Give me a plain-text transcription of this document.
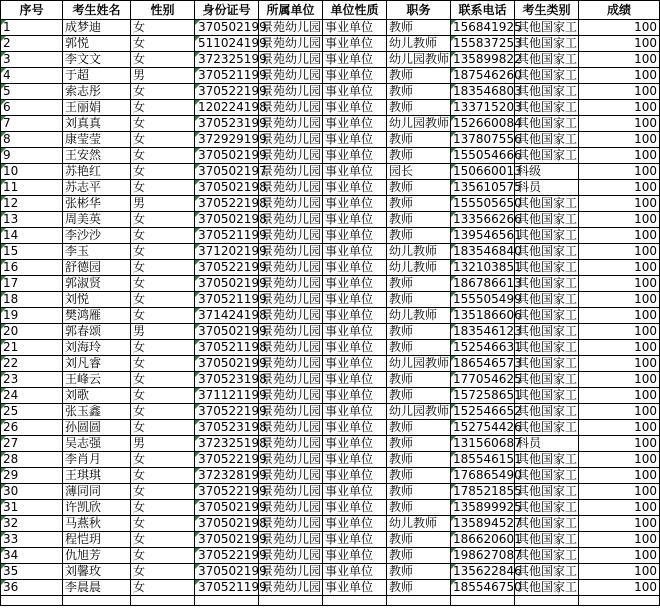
序号	考生姓名	性别	身份证号	所属单位	单位性质	职务	联系电话	考生类别	成绩
1	成梦迪	女	370502199	景苑幼儿园	事业单位	教师	156841925	其他国家工	100
2	郭悦	女	511024199	景苑幼儿园	事业单位	幼儿教师	155837253	其他国家工	100
3	李文文	女	372325199	景苑幼儿园	事业单位	幼儿园教师	135899822	其他国家工	100
4	于超	男	370521199	景苑幼儿园	事业单位	教师	187546260	其他国家工	100
5	索志彤	女	370522199	景苑幼儿园	事业单位	教师	183546803	其他国家工	100
6	王丽娟	女	120224198	景苑幼儿园	事业单位	教师	133715203	其他国家工	100
7	刘真真	女	370523199	景苑幼儿园	事业单位	幼儿园教师	152660084	其他国家工	100
8	康莹莹	女	372929199	景苑幼儿园	事业单位	教师	137807556	其他国家工	100
9	王安然	女	370502199	景苑幼儿园	事业单位	教师	155054666	其他国家工	100
10	苏艳红	女	370502197	景苑幼儿园	事业单位	园长	150660013	科级	100
11	苏志平	女	370502198	景苑幼儿园	事业单位	教师	135610575	科员	100
12	张彬华	男	370522198	景苑幼儿园	事业单位	教师	155505650	其他国家工	100
13	周美英	女	370502198	景苑幼儿园	事业单位	教师	133566266	其他国家工	100
14	李沙沙	女	370521199	景苑幼儿园	事业单位	教师	139546561	其他国家工	100
15	李玉	女	371202199	景苑幼儿园	事业单位	幼儿教师	183546840	其他国家工	100
16	舒德园	女	370522199	景苑幼儿园	事业单位	幼儿教师	132103851	其他国家工	100
17	郭淑贤	女	370502199	景苑幼儿园	事业单位	教师	186786613	其他国家工	100
18	刘悦	女	370521199	景苑幼儿园	事业单位	教师	155505499	其他国家工	100
19	樊鸿雁	女	371424198	景苑幼儿园	事业单位	幼儿教师	135186606	其他国家工	100
20	郭春颂	男	370502199	景苑幼儿园	事业单位	教师	183546123	其他国家工	100
21	刘海玲	女	370521198	景苑幼儿园	事业单位	教师	152546631	其他国家工	100
22	刘凡睿	女	370502199	景苑幼儿园	事业单位	幼儿园教师	186546573	其他国家工	100
23	王峰云	女	370523198	景苑幼儿园	事业单位	教师	177054625	其他国家工	100
24	刘歌	女	371121199	景苑幼儿园	事业单位	教师	157258651	其他国家工	100
25	张玉鑫	女	370522199	景苑幼儿园	事业单位	幼儿园教师	152546652	其他国家工	100
26	孙圆圆	女	370523198	景苑幼儿园	事业单位	教师	152754426	其他国家工	100
27	吴志强	男	372325198	景苑幼儿园	事业单位	教师	131560687	科员	100
28	李肖月	女	370522199	景苑幼儿园	事业单位	教师	185546151	其他国家工	100
29	王琪琪	女	372328199	景苑幼儿园	事业单位	教师	176865490	其他国家工	100
30	薄同同	女	370522199	景苑幼儿园	事业单位	教师	178521855	其他国家工	100
31	许凯欣	女	370502199	景苑幼儿园	事业单位	教师	135899925	其他国家工	100
32	马燕秋	女	370502198	景苑幼儿园	事业单位	幼儿教师	135894527	其他国家工	100
33	程恺玥	女	370502199	景苑幼儿园	事业单位	教师	186620601	其他国家工	100
34	仇旭芳	女	370522199	景苑幼儿园	事业单位	教师	198627087	其他国家工	100
35	刘馨玫	女	370502199	景苑幼儿园	事业单位	教师	135622846	其他国家工	100
36	李晨晨	女	370521199	景苑幼儿园	事业单位	教师	185546750	其他国家工	100
